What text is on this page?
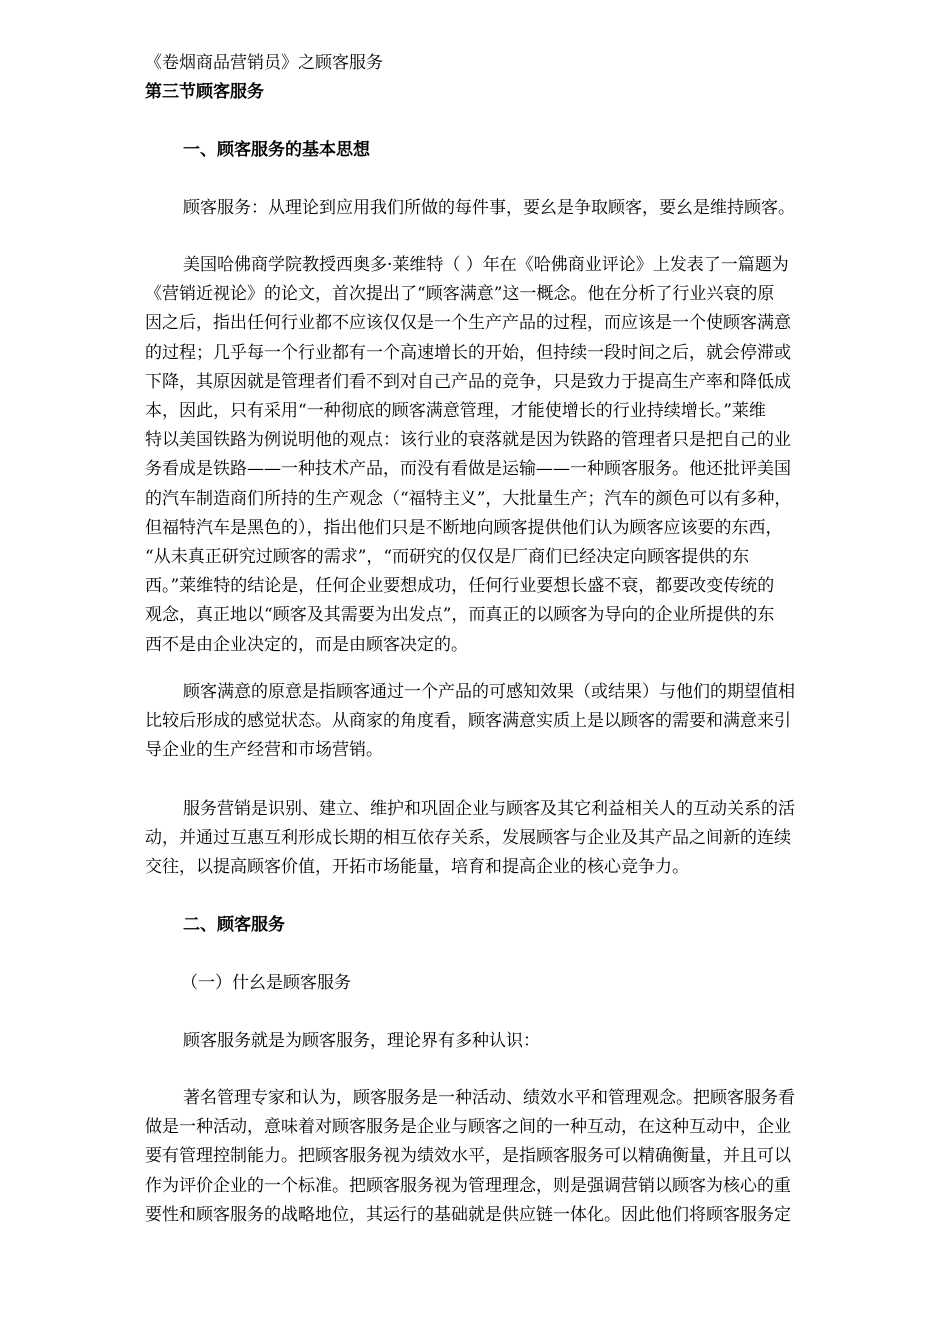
《卷烟商品营销员》之顾客服务
第三节顾客服务
一、顾客服务的基本思想
顾客服务：从理论到应用我们所做的每件事，要幺是争取顾客，要幺是维持顾客。
美国哈佛商学院教授西奥多·莱维特（ ）年在《哈佛商业评论》上发表了一篇题为
《营销近视论》的论文，首次提出了“顾客满意”这一概念。他在分析了行业兴衰的原
因之后，指出任何行业都不应该仅仅是一个生产产品的过程，而应该是一个使顾客满意
的过程；几乎每一个行业都有一个高速增长的开始，但持续一段时间之后，就会停滞或
下降，其原因就是管理者们看不到对自己产品的竞争，只是致力于提高生产率和降低成
本，因此，只有采用“一种彻底的顾客满意管理，才能使增长的行业持续增长。”莱维
特以美国铁路为例说明他的观点：该行业的衰落就是因为铁路的管理者只是把自己的业
务看成是铁路——一种技术产品，而没有看做是运输——一种顾客服务。他还批评美国
的汽车制造商们所持的生产观念（“福特主义”，大批量生产；汽车的颜色可以有多种，
但福特汽车是黑色的），指出他们只是不断地向顾客提供他们认为顾客应该要的东西，
“从未真正研究过顾客的需求”，“而研究的仅仅是厂商们已经决定向顾客提供的东
西。”莱维特的结论是，任何企业要想成功，任何行业要想长盛不衰，都要改变传统的
观念，真正地以“顾客及其需要为出发点”，而真正的以顾客为导向的企业所提供的东
西不是由企业决定的，而是由顾客决定的。
顾客满意的原意是指顾客通过一个产品的可感知效果（或结果）与他们的期望值相
比较后形成的感觉状态。从商家的角度看，顾客满意实质上是以顾客的需要和满意来引
导企业的生产经营和市场营销。
服务营销是识别、建立、维护和巩固企业与顾客及其它利益相关人的互动关系的活
动，并通过互惠互利形成长期的相互依存关系，发展顾客与企业及其产品之间新的连续
交往，以提高顾客价值，开拓市场能量，培育和提高企业的核心竞争力。
二、顾客服务
（一）什幺是顾客服务
顾客服务就是为顾客服务，理论界有多种认识：
著名管理专家和认为，顾客服务是一种活动、绩效水平和管理观念。把顾客服务看
做是一种活动，意味着对顾客服务是企业与顾客之间的一种互动，在这种互动中，企业
要有管理控制能力。把顾客服务视为绩效水平，是指顾客服务可以精确衡量，并且可以
作为评价企业的一个标准。把顾客服务视为管理理念，则是强调营销以顾客为核心的重
要性和顾客服务的战略地位，其运行的基础就是供应链一体化。因此他们将顾客服务定
